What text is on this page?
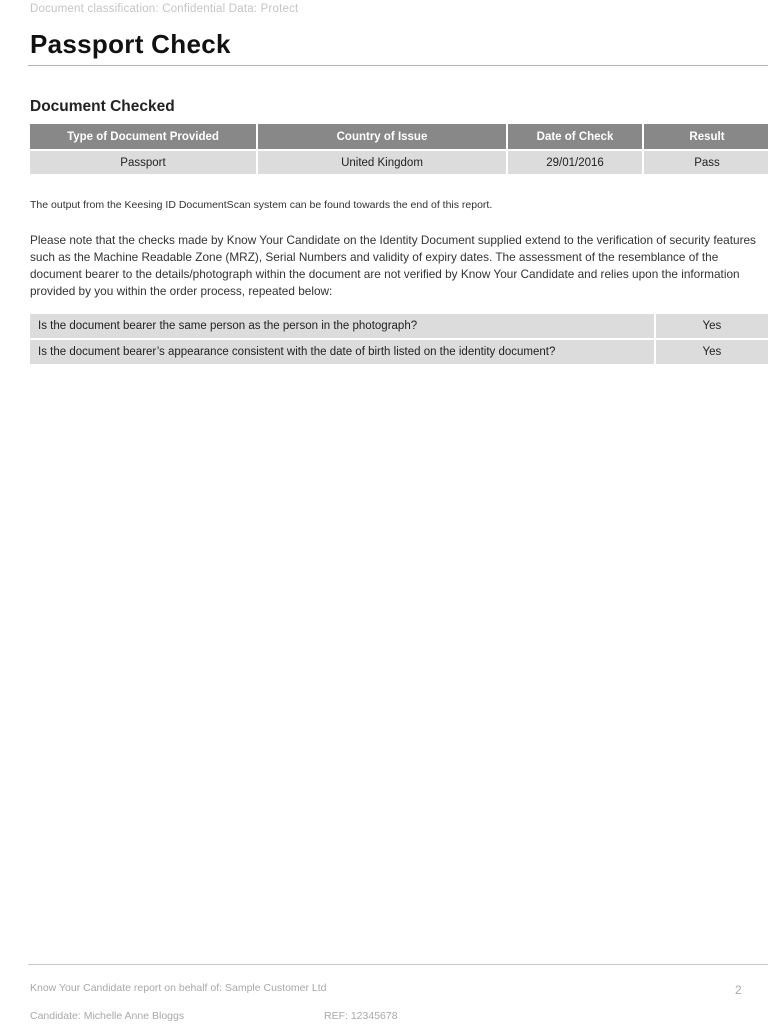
Document classification: Confidential Data: Protect
Passport Check
Document Checked
Type of Document Provided	Country of Issue	Date of Check	Result
Passport	United Kingdom	29/01/2016	Pass

The output from the Keesing ID DocumentScan system can be found towards the end of this report.

Please note that the checks made by Know Your Candidate on the Identity Document supplied extend to the verification of security features such as the Machine Readable Zone (MRZ), Serial Numbers and validity of expiry dates. The assessment of the resemblance of the document bearer to the details/photograph within the document are not verified by Know Your Candidate and relies upon the information provided by you within the order process, repeated below:

Is the document bearer the same person as the person in the photograph?	Yes
Is the document bearer’s appearance consistent with the date of birth listed on the identity document?	Yes
Know Your Candidate report on behalf of: Sample Customer Ltd	2
Candidate: Michelle Anne Bloggs	REF: 12345678
